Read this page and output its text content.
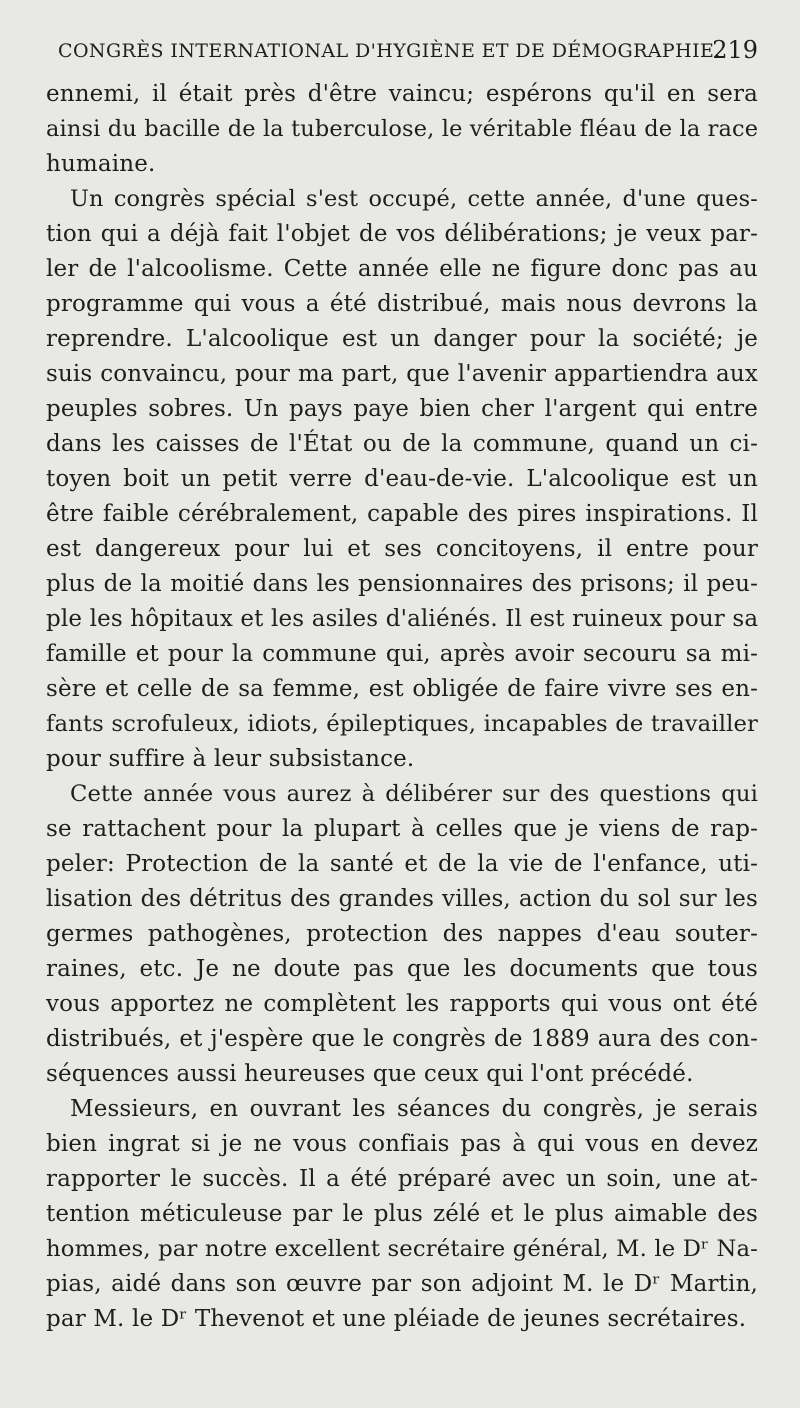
CONGRÈS INTERNATIONAL D'HYGIÈNE ET DE DÉMOGRAPHIE.
219
ennemi, il était près d'être vaincu; espérons qu'il en sera
ainsi du bacille de la tuberculose, le véritable fléau de la race
humaine.
Un congrès spécial s'est occupé, cette année, d'une ques-
tion qui a déjà fait l'objet de vos délibérations; je veux par-
ler de l'alcoolisme. Cette année elle ne figure donc pas au
programme qui vous a été distribué, mais nous devrons la
reprendre. L'alcoolique est un danger pour la société; je
suis convaincu, pour ma part, que l'avenir appartiendra aux
peuples sobres. Un pays paye bien cher l'argent qui entre
dans les caisses de l'État ou de la commune, quand un ci-
toyen boit un petit verre d'eau-de-vie. L'alcoolique est un
être faible cérébralement, capable des pires inspirations. Il
est dangereux pour lui et ses concitoyens, il entre pour
plus de la moitié dans les pensionnaires des prisons; il peu-
ple les hôpitaux et les asiles d'aliénés. Il est ruineux pour sa
famille et pour la commune qui, après avoir secouru sa mi-
sère et celle de sa femme, est obligée de faire vivre ses en-
fants scrofuleux, idiots, épileptiques, incapables de travailler
pour suffire à leur subsistance.
Cette année vous aurez à délibérer sur des questions qui
se rattachent pour la plupart à celles que je viens de rap-
peler: Protection de la santé et de la vie de l'enfance, uti-
lisation des détritus des grandes villes, action du sol sur les
germes pathogènes, protection des nappes d'eau souter-
raines, etc. Je ne doute pas que les documents que tous
vous apportez ne complètent les rapports qui vous ont été
distribués, et j'espère que le congrès de 1889 aura des con-
séquences aussi heureuses que ceux qui l'ont précédé.
Messieurs, en ouvrant les séances du congrès, je serais
bien ingrat si je ne vous confiais pas à qui vous en devez
rapporter le succès. Il a été préparé avec un soin, une at-
tention méticuleuse par le plus zélé et le plus aimable des
hommes, par notre excellent secrétaire général, M. le Dʳ Na-
pias, aidé dans son œuvre par son adjoint M. le Dʳ Martin,
par M. le Dʳ Thevenot et une pléiade de jeunes secrétaires.
